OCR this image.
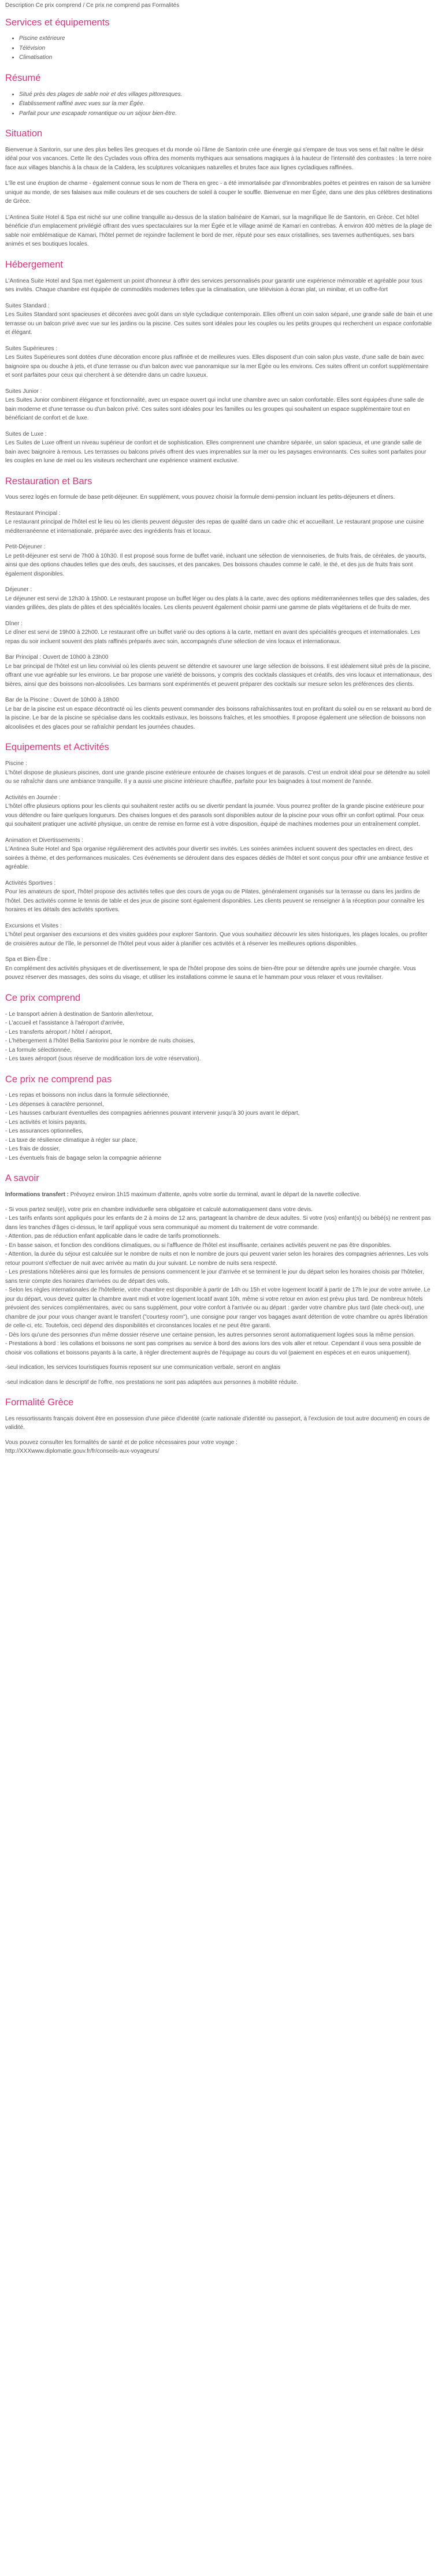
Description Ce prix comprend / Ce prix ne comprend pas Formalités
Services et équipements
• Piscine extérieure
• Télévision
• Climatisation
Résumé
• Situé près des plages de sable noir et des villages pittoresques.
• Établissement raffiné avec vues sur la mer Égée.
• Parfait pour une escapade romantique ou un séjour bien-être.
Situation

Bienvenue à Santorin, sur une des plus belles îles grecques et du monde où l'âme de Santorin crée une énergie qui s'empare de tous vos sens et fait naître le désir idéal pour vos vacances. Cette île des Cyclades vous offrira des moments mythiques aux sensations magiques à la hauteur de l'intensité des contrastes : la terre noire face aux villages blanchis à la chaux de la Caldera, les sculptures volcaniques naturelles et brutes face aux lignes cycladiques raffinées.

L'île est une éruption de charme - également connue sous le nom de Thera en grec - a été immortalisée par d'innombrables poètes et peintres en raison de sa lumière unique au monde, de ses falaises aux mille couleurs et de ses couchers de soleil à couper le souffle. Bienvenue en mer Égée, dans une des plus célèbres destinations de Grèce.

L'Antinea Suite Hotel & Spa est niché sur une colline tranquille au-dessus de la station balnéaire de Kamari, sur la magnifique île de Santorin, en Grèce. Cet hôtel bénéficie d'un emplacement privilégié offrant des vues spectaculaires sur la mer Égée et le village animé de Kamari en contrebas. À environ 400 mètres de la plage de sable noir emblématique de Kamari, l'hôtel permet de rejoindre facilement le bord de mer, réputé pour ses eaux cristallines, ses tavernes authentiques, ses bars animés et ses boutiques locales.

Hébergement

L'Antinea Suite Hotel and Spa met également un point d'honneur à offrir des services personnalisés pour garantir une expérience mémorable et agréable pour tous ses invités. Chaque chambre est équipée de commodités modernes telles que la climatisation, une télévision à écran plat, un minibar, et un coffre-fort

Suites Standard :

Les Suites Standard sont spacieuses et décorées avec goût dans un style cycladique contemporain. Elles offrent un coin salon séparé, une grande salle de bain et une terrasse ou un balcon privé avec vue sur les jardins ou la piscine. Ces suites sont idéales pour les couples ou les petits groupes qui recherchent un espace confortable et élégant.

Suites Supérieures :

Les Suites Supérieures sont dotées d'une décoration encore plus raffinée et de meilleures vues. Elles disposent d'un coin salon plus vaste, d'une salle de bain avec baignoire spa ou douche à jets, et d'une terrasse ou d'un balcon avec vue panoramique sur la mer Égée ou les environs. Ces suites offrent un confort supplémentaire et sont parfaites pour ceux qui cherchent à se détendre dans un cadre luxueux.

Suites Junior :

Les Suites Junior combinent élégance et fonctionnalité, avec un espace ouvert qui inclut une chambre avec un salon confortable. Elles sont équipées d'une salle de bain moderne et d'une terrasse ou d'un balcon privé. Ces suites sont idéales pour les familles ou les groupes qui souhaitent un espace supplémentaire tout en bénéficiant de confort et de luxe.

Suites de Luxe :

Les Suites de Luxe offrent un niveau supérieur de confort et de sophistication. Elles comprennent une chambre séparée, un salon spacieux, et une grande salle de bain avec baignoire à remous. Les terrasses ou balcons privés offrent des vues imprenables sur la mer ou les paysages environnants. Ces suites sont parfaites pour les couples en lune de miel ou les visiteurs recherchant une expérience vraiment exclusive.

Restauration et Bars

Vous serez logés en formule de base petit-déjeuner. En supplément, vous pouvez choisir la formule demi-pension incluant les petits-déjeuners et dîners.

Restaurant Principal :

Le restaurant principal de l'hôtel est le lieu où les clients peuvent déguster des repas de qualité dans un cadre chic et accueillant. Le restaurant propose une cuisine méditerranéenne et internationale, préparée avec des ingrédients frais et locaux.

Petit-Déjeuner :

Le petit-déjeuner est servi de 7h00 à 10h30. Il est proposé sous forme de buffet varié, incluant une sélection de viennoiseries, de fruits frais, de céréales, de yaourts, ainsi que des options chaudes telles que des œufs, des saucisses, et des pancakes. Des boissons chaudes comme le café, le thé, et des jus de fruits frais sont également disponibles.

Déjeuner :

Le déjeuner est servi de 12h30 à 15h00. Le restaurant propose un buffet léger ou des plats à la carte, avec des options méditerranéennes telles que des salades, des viandes grillées, des plats de pâtes et des spécialités locales. Les clients peuvent également choisir parmi une gamme de plats végétariens et de fruits de mer.

Dîner :

Le dîner est servi de 19h00 à 22h00. Le restaurant offre un buffet varié ou des options à la carte, mettant en avant des spécialités grecques et internationales. Les repas du soir incluent souvent des plats raffinés préparés avec soin, accompagnés d'une sélection de vins locaux et internationaux.

Bar Principal : Ouvert de 10h00 à 23h00

Le bar principal de l'hôtel est un lieu convivial où les clients peuvent se détendre et savourer une large sélection de boissons. Il est idéalement situé près de la piscine, offrant une vue agréable sur les environs. Le bar propose une variété de boissons, y compris des cocktails classiques et créatifs, des vins locaux et internationaux, des bières, ainsi que des boissons non-alcoolisées. Les barmans sont expérimentés et peuvent préparer des cocktails sur mesure selon les préférences des clients.

Bar de la Piscine : Ouvert de 10h00 à 18h00

Le bar de la piscine est un espace décontracté où les clients peuvent commander des boissons rafraîchissantes tout en profitant du soleil ou en se relaxant au bord de la piscine. Le bar de la piscine se spécialise dans les cocktails estivaux, les boissons fraîches, et les smoothies. Il propose également une sélection de boissons non alcoolisées et des glaces pour se rafraîchir pendant les journées chaudes.

Equipements et Activités

Piscine :

L'hôtel dispose de plusieurs piscines, dont une grande piscine extérieure entourée de chaises longues et de parasols. C'est un endroit idéal pour se détendre au soleil ou se rafraîchir dans une ambiance tranquille. Il y a aussi une piscine intérieure chauffée, parfaite pour les baignades à tout moment de l'année.

Activités en Journée :

L'hôtel offre plusieurs options pour les clients qui souhaitent rester actifs ou se divertir pendant la journée. Vous pourrez profiter de la grande piscine extérieure pour vous détendre ou faire quelques longueurs. Des chaises longues et des parasols sont disponibles autour de la piscine pour vous offrir un confort optimal. Pour ceux qui souhaitent pratiquer une activité physique, un centre de remise en forme est à votre disposition, équipé de machines modernes pour un entraînement complet.

Animation et Divertissements :

L'Antinea Suite Hotel and Spa organise régulièrement des activités pour divertir ses invités. Les soirées animées incluent souvent des spectacles en direct, des soirées à thème, et des performances musicales. Ces événements se déroulent dans des espaces dédiés de l'hôtel et sont conçus pour offrir une ambiance festive et agréable.

Activités Sportives :

Pour les amateurs de sport, l'hôtel propose des activités telles que des cours de yoga ou de Pilates, généralement organisés sur la terrasse ou dans les jardins de l'hôtel. Des activités comme le tennis de table et des jeux de piscine sont également disponibles. Les clients peuvent se renseigner à la réception pour connaître les horaires et les détails des activités sportives.

Excursions et Visites :

L'hôtel peut organiser des excursions et des visites guidées pour explorer Santorin. Que vous souhaitiez découvrir les sites historiques, les plages locales, ou profiter de croisières autour de l'île, le personnel de l'hôtel peut vous aider à planifier ces activités et à réserver les meilleures options disponibles.

Spa et Bien-Être :

En complément des activités physiques et de divertissement, le spa de l'hôtel propose des soins de bien-être pour se détendre après une journée chargée. Vous pouvez réserver des massages, des soins du visage, et utiliser les installations comme le sauna et le hammam pour vous relaxer et vous revitaliser.

Ce prix comprend
- Le transport aérien à destination de Santorin aller/retour,
- L'accueil et l'assistance à l'aéroport d'arrivée,
- Les transferts aéroport / hôtel / aéroport,
- L'hébergement à l'hôtel Bellia Santorini pour le nombre de nuits choisies,
- La formule sélectionnée,
- Les taxes aéroport (sous réserve de modification lors de votre réservation).
Ce prix ne comprend pas
- Les repas et boissons non inclus dans la formule sélectionnée,
- Les dépenses à caractère personnel,
- Les hausses carburant éventuelles des compagnies aériennes pouvant intervenir jusqu'à 30 jours avant le départ,
- Les activités et loisirs payants,
- Les assurances optionnelles,
- La taxe de résilience climatique à régler sur place,
- Les frais de dossier,
- Les éventuels frais de bagage selon la compagnie aérienne
A savoir

Informations transfert : Prévoyez environ 1h15 maximum d'attente, après votre sortie du terminal, avant le départ de la navette collective.

- Si vous partez seul(e), votre prix en chambre individuelle sera obligatoire et calculé automatiquement dans votre devis.

- Les tarifs enfants sont appliqués pour les enfants de 2 à moins de 12 ans, partageant la chambre de deux adultes. Si votre (vos) enfant(s) ou bébé(s) ne rentrent pas dans les tranches d'âges ci-dessus, le tarif appliqué vous sera communiqué au moment du traitement de votre commande.

- Attention, pas de réduction enfant applicable dans le cadre de tarifs promotionnels.

- En basse saison, et fonction des conditions climatiques, ou si l'affluence de l'hôtel est insuffisante, certaines activités peuvent ne pas être disponibles.

- Attention, la durée du séjour est calculée sur le nombre de nuits et non le nombre de jours qui peuvent varier selon les horaires des compagnies aériennes. Les vols retour pourront s'effectuer de nuit avec arrivée au matin du jour suivant. Le nombre de nuits sera respecté.

- Les prestations hôtelières ainsi que les formules de pensions commencent le jour d'arrivée et se terminent le jour du départ selon les horaires choisis par l'hôtelier, sans tenir compte des horaires d'arrivées ou de départ des vols.

- Selon les règles internationales de l'hôtellerie, votre chambre est disponible à partir de 14h ou 15h et votre logement locatif à partir de 17h le jour de votre arrivée. Le jour du départ, vous devez quitter la chambre avant midi et votre logement locatif avant 10h, même si votre retour en avion est prévu plus tard. De nombreux hôtels prévoient des services complémentaires, avec ou sans supplément, pour votre confort à l'arrivée ou au départ : garder votre chambre plus tard (late check-out), une chambre de jour pour vous changer avant le transfert ("courtesy room"), une consigne pour ranger vos bagages avant détention de votre chambre ou après libération de celle-ci, etc. Toutefois, ceci dépend des disponibilités et circonstances locales et ne peut être garanti.

- Dès lors qu'une des personnes d'un même dossier réserve une certaine pension, les autres personnes seront automatiquement logées sous la même pension.

- Prestations à bord : les collations et boissons ne sont pas comprises au service à bord des avions lors des vols aller et retour. Cependant il vous sera possible de choisir vos collations et boissons payants à la carte, à régler directement auprès de l'équipage au cours du vol (paiement en espèces et en euros uniquement).

-seul indication, les services touristiques fournis reposent sur une communication verbale, seront en anglais

-seul indication dans le descriptif de l'offre, nos prestations ne sont pas adaptées aux personnes à mobilité réduite.

Formalité Grèce

Les ressortissants français doivent être en possession d'une pièce d'identité (carte nationale d'identité ou passeport, à l'exclusion de tout autre document) en cours de validité.

Vous pouvez consulter les formalités de santé et de police nécessaires pour votre voyage :

http://XXXwww.diplomatie.gouv.fr/fr/conseils-aux-voyageurs/
